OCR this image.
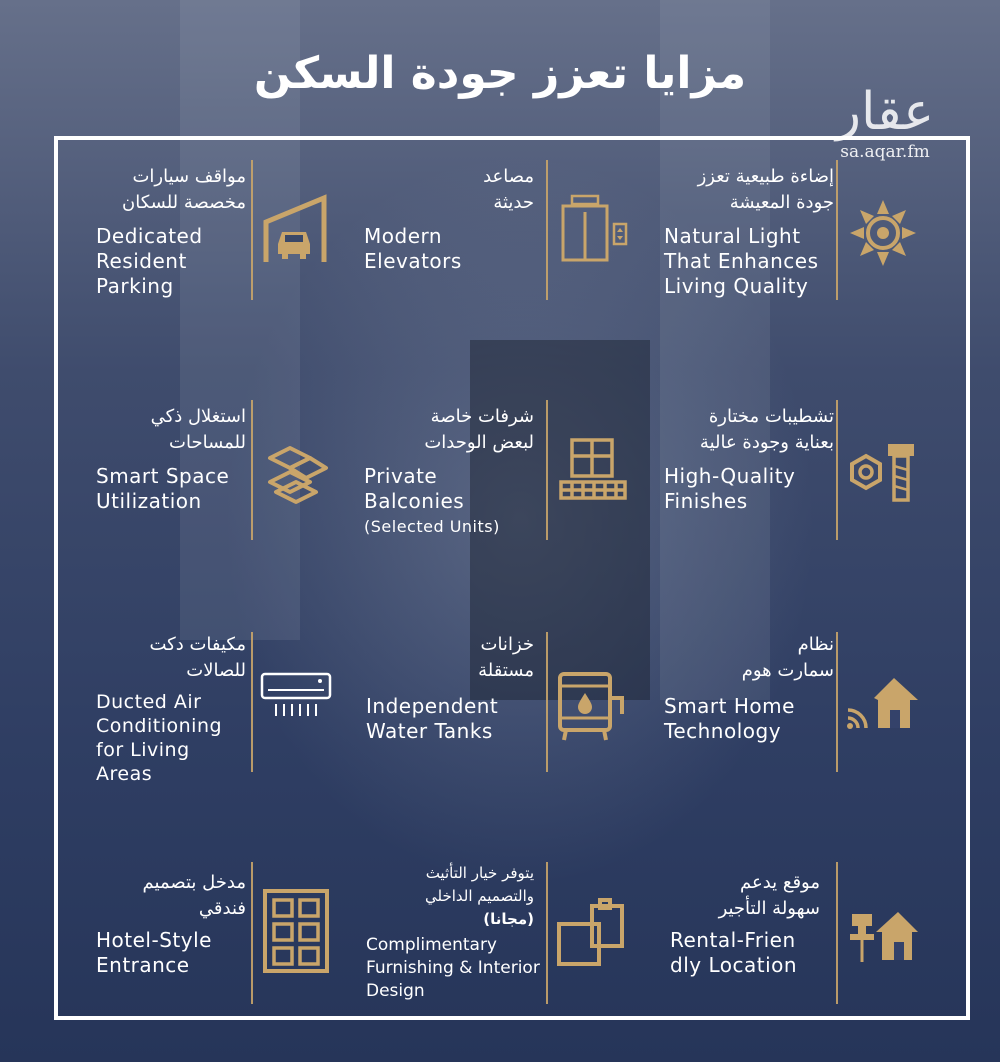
مزايا تعزز جودة السكن
عقار
sa.aqar.fm
مواقف سيارات
مخصصة للسكان
Dedicated
Resident
Parking
مصاعد
حديثة
Modern
Elevators
إضاءة طبيعية تعزز
جودة المعيشة
Natural Light
That Enhances
Living Quality
استغلال ذكي
للمساحات
Smart Space
Utilization
شرفات خاصة
لبعض الوحدات
Private
Balconies
(Selected Units)
تشطيبات مختارة
بعناية وجودة عالية
High-Quality
Finishes
مكيفات دكت
للصالات
Ducted Air
Conditioning
for Living Areas
خزانات
مستقلة
Independent
Water Tanks
نظام
سمارت هوم
Smart Home
Technology
مدخل بتصميم
فندقي
Hotel-Style
Entrance
يتوفر خيار التأثيث
والتصميم الداخلي
(مجانا)
Complimentary
Furnishing & Interior
Design
موقع يدعم
سهولة التأجير
Rental-Frien
dly Location
